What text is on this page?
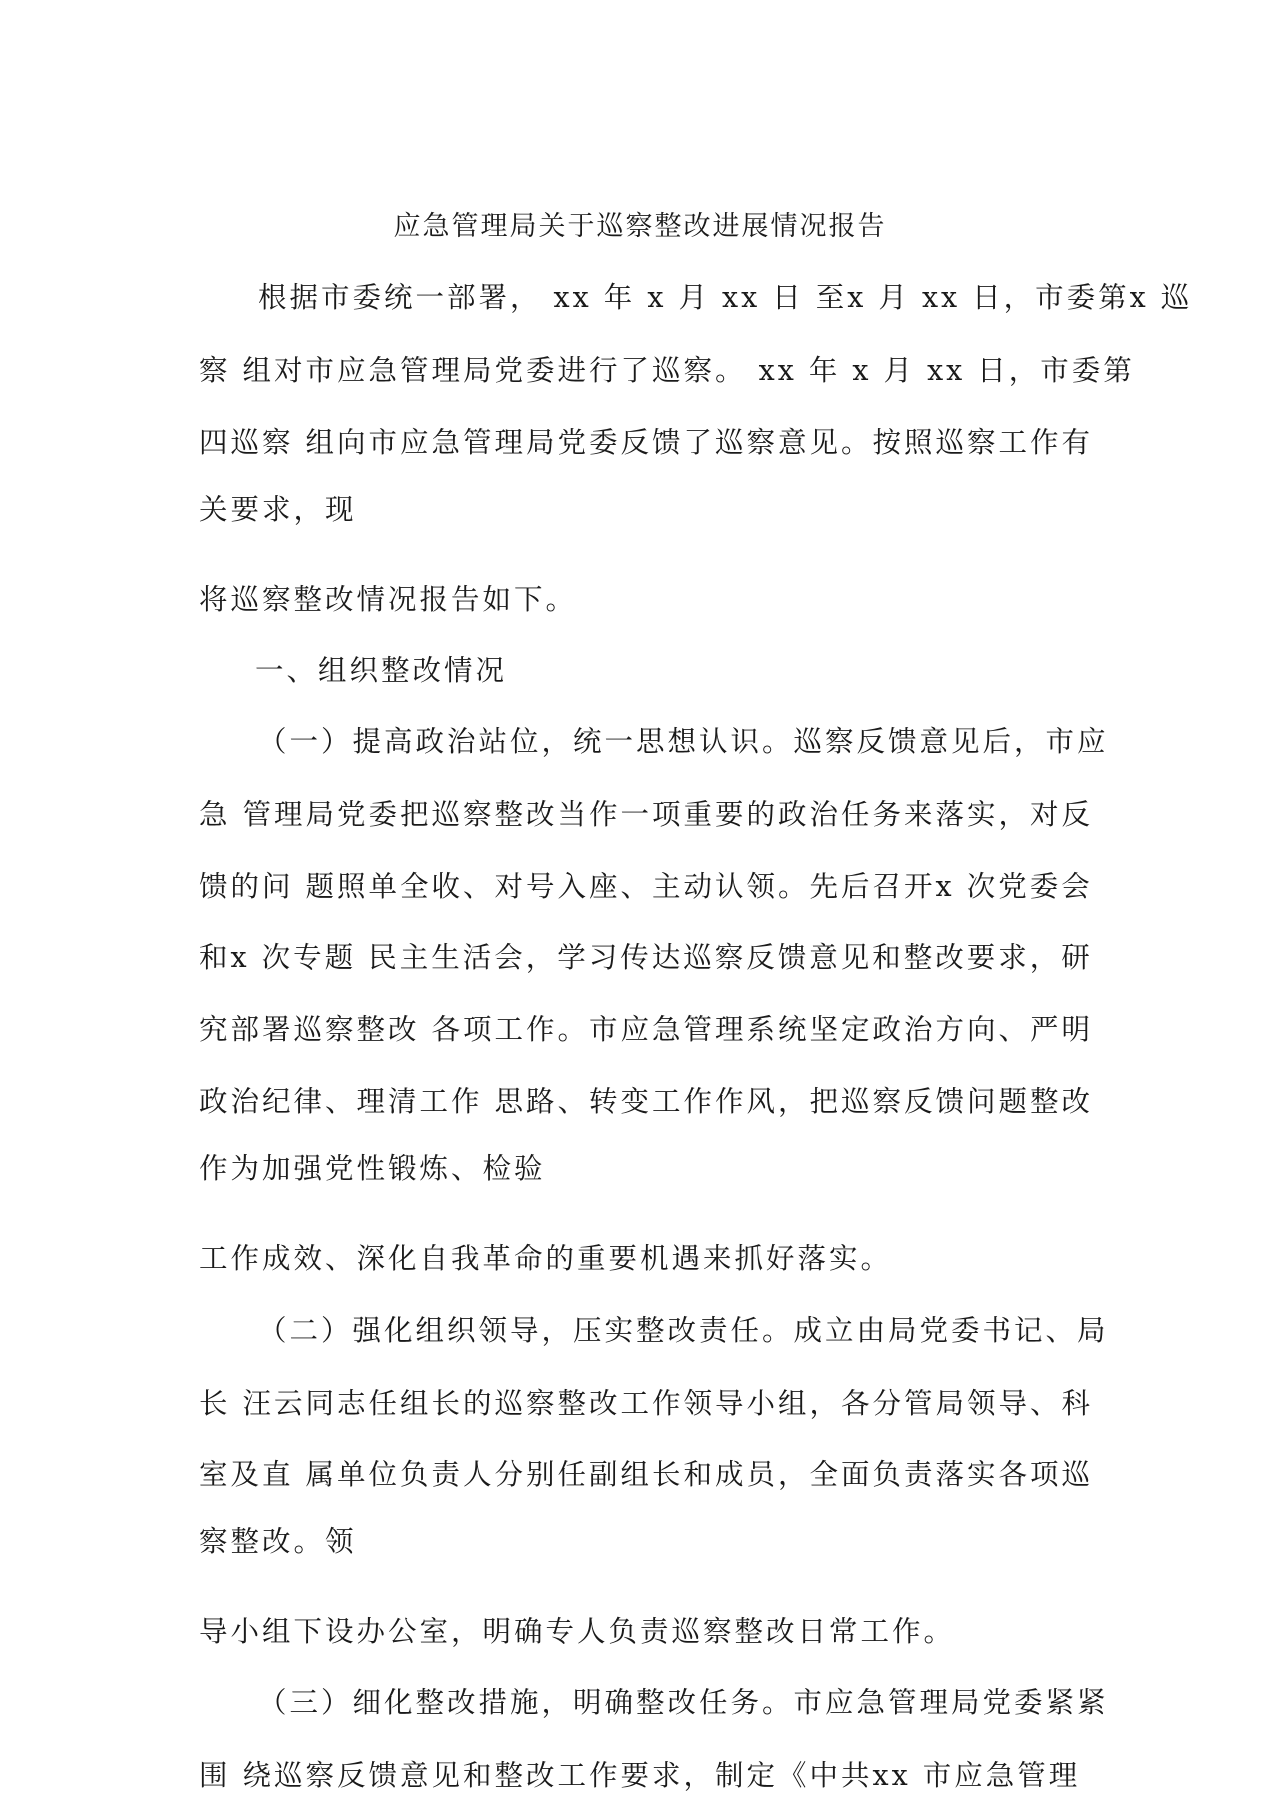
应急管理局关于巡察整改进展情况报告
根据市委统一部署， xx 年 x 月 xx 日 至x 月 xx 日，市委第x 巡
察 组对市应急管理局党委进行了巡察。 xx 年 x 月 xx 日，市委第
四巡察 组向市应急管理局党委反馈了巡察意见。按照巡察工作有
关要求，现
将巡察整改情况报告如下。
一、组织整改情况
（一）提高政治站位，统一思想认识。巡察反馈意见后，市应
急 管理局党委把巡察整改当作一项重要的政治任务来落实，对反
馈的问 题照单全收、对号入座、主动认领。先后召开x 次党委会
和x 次专题 民主生活会，学习传达巡察反馈意见和整改要求，研
究部署巡察整改 各项工作。市应急管理系统坚定政治方向、严明
政治纪律、理清工作 思路、转变工作作风，把巡察反馈问题整改
作为加强党性锻炼、检验
工作成效、深化自我革命的重要机遇来抓好落实。
（二）强化组织领导，压实整改责任。成立由局党委书记、局
长 汪云同志任组长的巡察整改工作领导小组，各分管局领导、科
室及直 属单位负责人分别任副组长和成员，全面负责落实各项巡
察整改。领
导小组下设办公室，明确专人负责巡察整改日常工作。
（三）细化整改措施，明确整改任务。市应急管理局党委紧紧
围 绕巡察反馈意见和整改工作要求，制定《中共xx 市应急管理
